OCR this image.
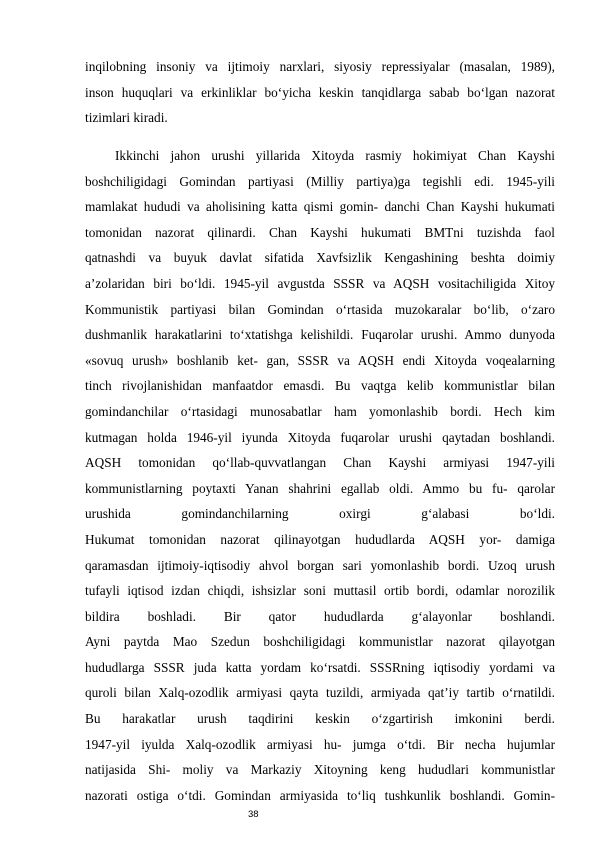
inqilobning insoniy va ijtimoiy narxlari, siyosiy repressiyalar (masalan, 1989),
inson huquqlari va erkinliklar bo‘yicha keskin tanqidlarga sabab bo‘lgan nazorat
tizimlari kiradi.
Ikkinchi jahon urushi yillarida Xitoyda rasmiy hokimiyat Chan Kayshi
boshchiligidagi Gomindan partiyasi (Milliy partiya)ga tegishli edi. 1945-yili
mamlakat hududi va aholisining katta qismi gomin- danchi Chan Kayshi hukumati
tomonidan nazorat qilinardi. Chan Kayshi hukumati BMTni tuzishda faol
qatnashdi va buyuk davlat sifatida Xavfsizlik Kengashining beshta doimiy
a’zolaridan biri bo‘ldi. 1945-yil avgustda SSSR va AQSH vositachiligida Xitoy
Kommunistik partiyasi bilan Gomindan o‘rtasida muzokaralar bo‘lib, o‘zaro
dushmanlik harakatlarini to‘xtatishga kelishildi. Fuqarolar urushi. Ammo dunyoda
«sovuq urush» boshlanib ket- gan, SSSR va AQSH endi Xitoyda voqealarning
tinch rivojlanishidan manfaatdor emasdi. Bu vaqtga kelib kommunistlar bilan
gomindanchilar o‘rtasidagi munosabatlar ham yomonlashib bordi. Hech kim
kutmagan holda 1946-yil iyunda Xitoyda fuqarolar urushi qaytadan boshlandi.
AQSH tomonidan qo‘llab-quvvatlangan Chan Kayshi armiyasi 1947-yili
kommunistlarning poytaxti Yanan shahrini egallab oldi. Ammo bu fu- qarolar
urushida gomindanchilarning oxirgi g‘alabasi bo‘ldi.
Hukumat tomonidan nazorat qilinayotgan hududlarda AQSH yor- damiga
qaramasdan ijtimoiy-iqtisodiy ahvol borgan sari yomonlashib bordi. Uzoq urush
tufayli iqtisod izdan chiqdi, ishsizlar soni muttasil ortib bordi, odamlar norozilik
bildira boshladi. Bir qator hududlarda g‘alayonlar boshlandi.
Ayni paytda Mao Szedun boshchiligidagi kommunistlar nazorat qilayotgan
hududlarga SSSR juda katta yordam ko‘rsatdi. SSSRning iqtisodiy yordami va
quroli bilan Xalq-ozodlik armiyasi qayta tuzildi, armiyada qat’iy tartib o‘rnatildi.
Bu harakatlar urush taqdirini keskin o‘zgartirish imkonini berdi.
1947-yil iyulda Xalq-ozodlik armiyasi hu- jumga o‘tdi. Bir necha hujumlar
natijasida Shi- moliy va Markaziy Xitoyning keng hududlari kommunistlar
nazorati ostiga o‘tdi. Gomindan armiyasida to‘liq tushkunlik boshlandi. Gomin-
38
